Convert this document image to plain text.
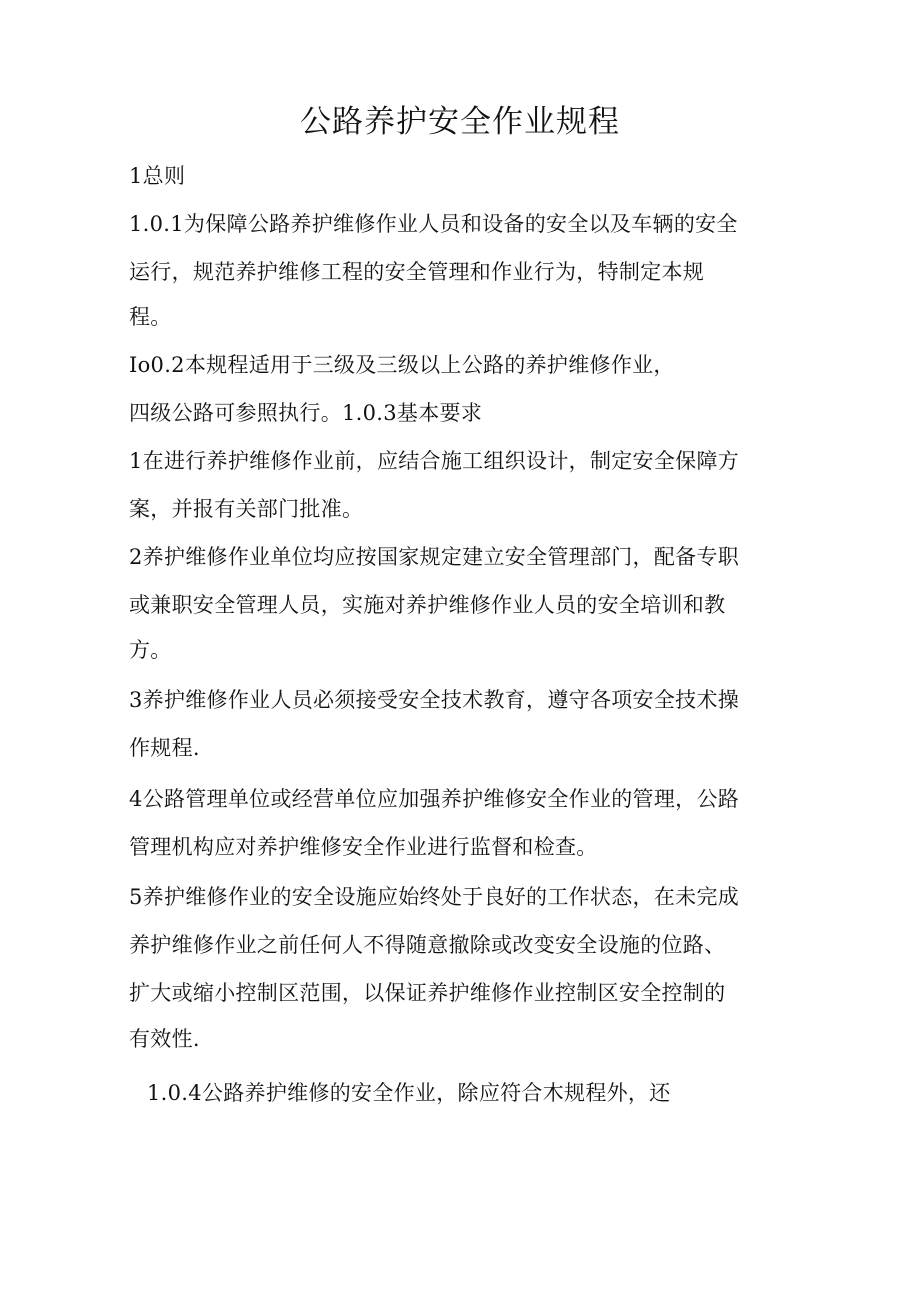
公路养护安全作业规程

1总则

1.0.1为保障公路养护维修作业人员和设备的安全以及车辆的安全

运行，规范养护维修工程的安全管理和作业行为，特制定本规

程。

Io0.2本规程适用于三级及三级以上公路的养护维修作业，

四级公路可参照执行。1.0.3基本要求

1在进行养护维修作业前，应结合施工组织设计，制定安全保障方

案，并报有关部门批准。

2养护维修作业单位均应按国家规定建立安全管理部门，配备专职

或兼职安全管理人员，实施对养护维修作业人员的安全培训和教

方。

3养护维修作业人员必须接受安全技术教育，遵守各项安全技术操

作规程.

4公路管理单位或经营单位应加强养护维修安全作业的管理，公路

管理机构应对养护维修安全作业进行监督和检查。

5养护维修作业的安全设施应始终处于良好的工作状态，在未完成

养护维修作业之前任何人不得随意撤除或改变安全设施的位路、

扩大或缩小控制区范围，以保证养护维修作业控制区安全控制的

有效性.

1.0.4公路养护维修的安全作业，除应符合木规程外，还
